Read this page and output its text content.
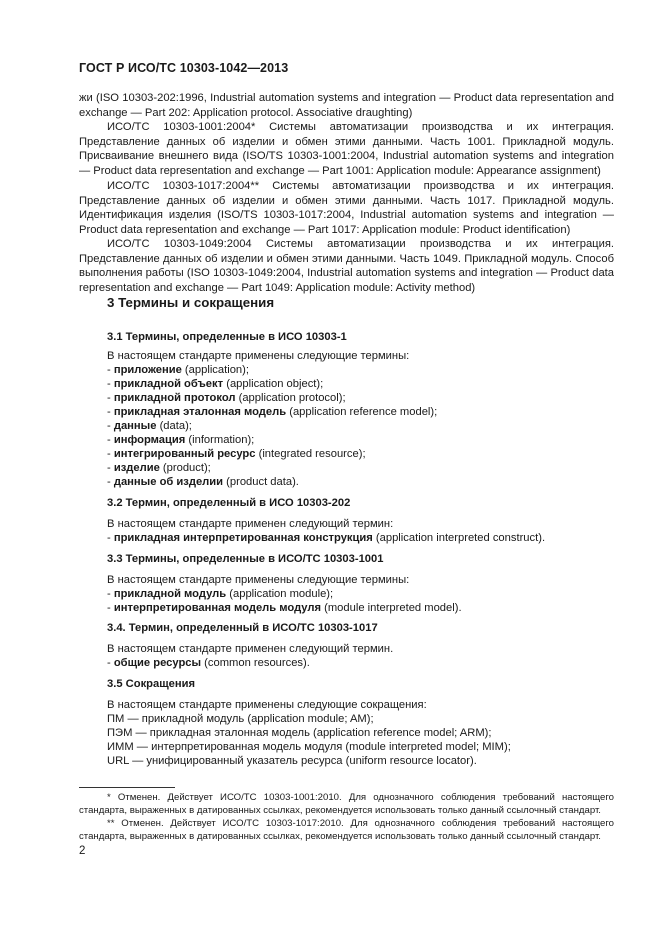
ГОСТ Р ИСО/ТС 10303-1042—2013
жи (ISO 10303-202:1996, Industrial automation systems and integration — Product data representation and exchange — Part 202: Application protocol. Associative draughting)
ИСО/ТС 10303-1001:2004* Системы автоматизации производства и их интеграция. Представление данных об изделии и обмен этими данными. Часть 1001. Прикладной модуль. Присваивание внешнего вида (ISO/TS 10303-1001:2004, Industrial automation systems and integration — Product data representation and exchange — Part 1001: Application module: Appearance assignment)
ИСО/ТС 10303-1017:2004** Системы автоматизации производства и их интеграция. Представление данных об изделии и обмен этими данными. Часть 1017. Прикладной модуль. Идентификация изделия (ISO/TS 10303-1017:2004, Industrial automation systems and integration — Product data representation and exchange — Part 1017: Application module: Product identification)
ИСО/ТС 10303-1049:2004 Системы автоматизации производства и их интеграция. Представление данных об изделии и обмен этими данными. Часть 1049. Прикладной модуль. Способ выполнения работы (ISO 10303-1049:2004, Industrial automation systems and integration — Product data representation and exchange — Part 1049: Application module: Activity method)
3 Термины и сокращения
3.1 Термины, определенные в ИСО 10303-1
В настоящем стандарте применены следующие термины:
- приложение (application);
- прикладной объект (application object);
- прикладной протокол (application protocol);
- прикладная эталонная модель (application reference model);
- данные (data);
- информация (information);
- интегрированный ресурс (integrated resource);
- изделие (product);
- данные об изделии (product data).
3.2 Термин, определенный в ИСО 10303-202
В настоящем стандарте применен следующий термин:
- прикладная интерпретированная конструкция (application interpreted construct).
3.3 Термины, определенные в ИСО/ТС 10303-1001
В настоящем стандарте применены следующие термины:
- прикладной модуль (application module);
- интерпретированная модель модуля (module interpreted model).
3.4. Термин, определенный в ИСО/ТС 10303-1017
В настоящем стандарте применен следующий термин.
- общие ресурсы (common resources).
3.5 Сокращения
В настоящем стандарте применены следующие сокращения:
ПМ — прикладной модуль (application module; AM);
ПЭМ — прикладная эталонная модель (application reference model; ARM);
ИММ — интерпретированная модель модуля (module interpreted model; MIM);
URL — унифицированный указатель ресурса (uniform resource locator).
* Отменен. Действует ИСО/ТС 10303-1001:2010. Для однозначного соблюдения требований настоящего стандарта, выраженных в датированных ссылках, рекомендуется использовать только данный ссылочный стандарт.
** Отменен. Действует ИСО/ТС 10303-1017:2010. Для однозначного соблюдения требований настоящего стандарта, выраженных в датированных ссылках, рекомендуется использовать только данный ссылочный стандарт.
2
